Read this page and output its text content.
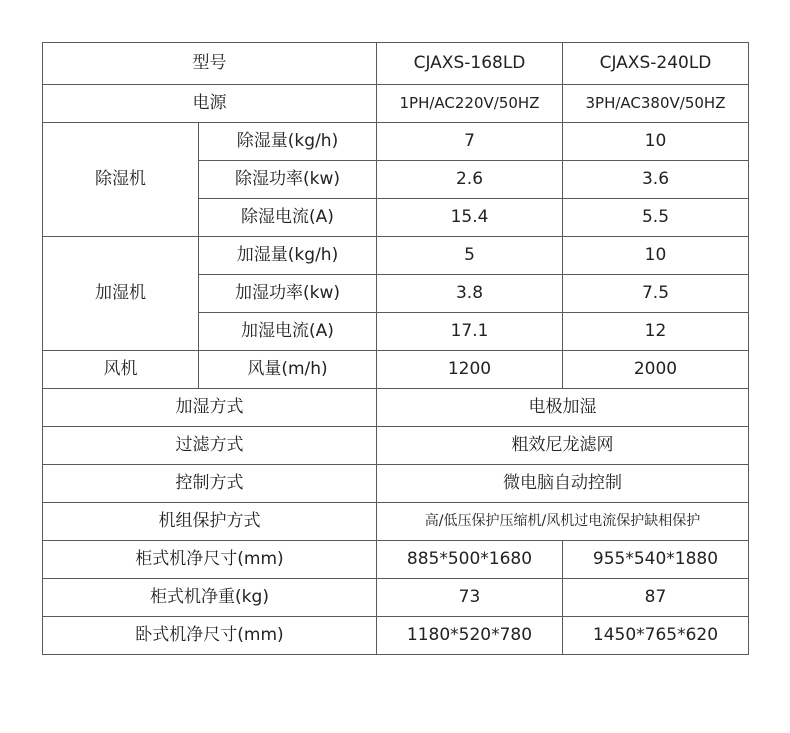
型号		CJAXS-168LD	CJAXS-240LD
电源		1PH/AC220V/50HZ	3PH/AC380V/50HZ
除湿机	除湿量(kg/h)	7	10
	除湿功率(kw)	2.6	3.6
	除湿电流(A)	15.4	5.5
加湿机	加湿量(kg/h)	5	10
	加湿功率(kw)	3.8	7.5
	加湿电流(A)	17.1	12
风机	风量(m/h)	1200	2000
加湿方式		电极加湿	
过滤方式		粗效尼龙滤网	
控制方式		微电脑自动控制	
机组保护方式		高/低压保护压缩机/风机过电流保护缺相保护	
柜式机净尺寸(mm)		885*500*1680	955*540*1880
柜式机净重(kg)		73	87
卧式机净尺寸(mm)		1180*520*780	1450*765*620
